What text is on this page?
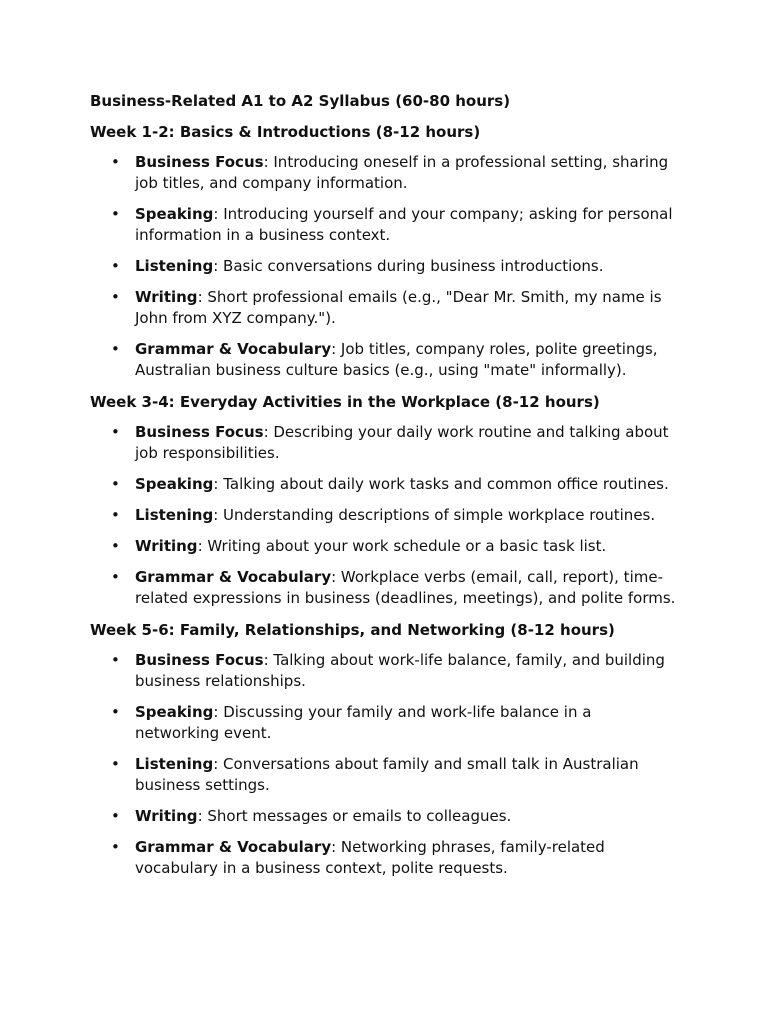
Business-Related A1 to A2 Syllabus (60-80 hours)
Week 1-2: Basics & Introductions (8-12 hours)
• Business Focus: Introducing oneself in a professional setting, sharing job titles, and company information.
• Speaking: Introducing yourself and your company; asking for personal information in a business context.
• Listening: Basic conversations during business introductions.
• Writing: Short professional emails (e.g., "Dear Mr. Smith, my name is John from XYZ company.").
• Grammar & Vocabulary: Job titles, company roles, polite greetings, Australian business culture basics (e.g., using "mate" informally).
Week 3-4: Everyday Activities in the Workplace (8-12 hours)
• Business Focus: Describing your daily work routine and talking about job responsibilities.
• Speaking: Talking about daily work tasks and common office routines.
• Listening: Understanding descriptions of simple workplace routines.
• Writing: Writing about your work schedule or a basic task list.
• Grammar & Vocabulary: Workplace verbs (email, call, report), time-related expressions in business (deadlines, meetings), and polite forms.
Week 5-6: Family, Relationships, and Networking (8-12 hours)
• Business Focus: Talking about work-life balance, family, and building business relationships.
• Speaking: Discussing your family and work-life balance in a networking event.
• Listening: Conversations about family and small talk in Australian business settings.
• Writing: Short messages or emails to colleagues.
• Grammar & Vocabulary: Networking phrases, family-related vocabulary in a business context, polite requests.
